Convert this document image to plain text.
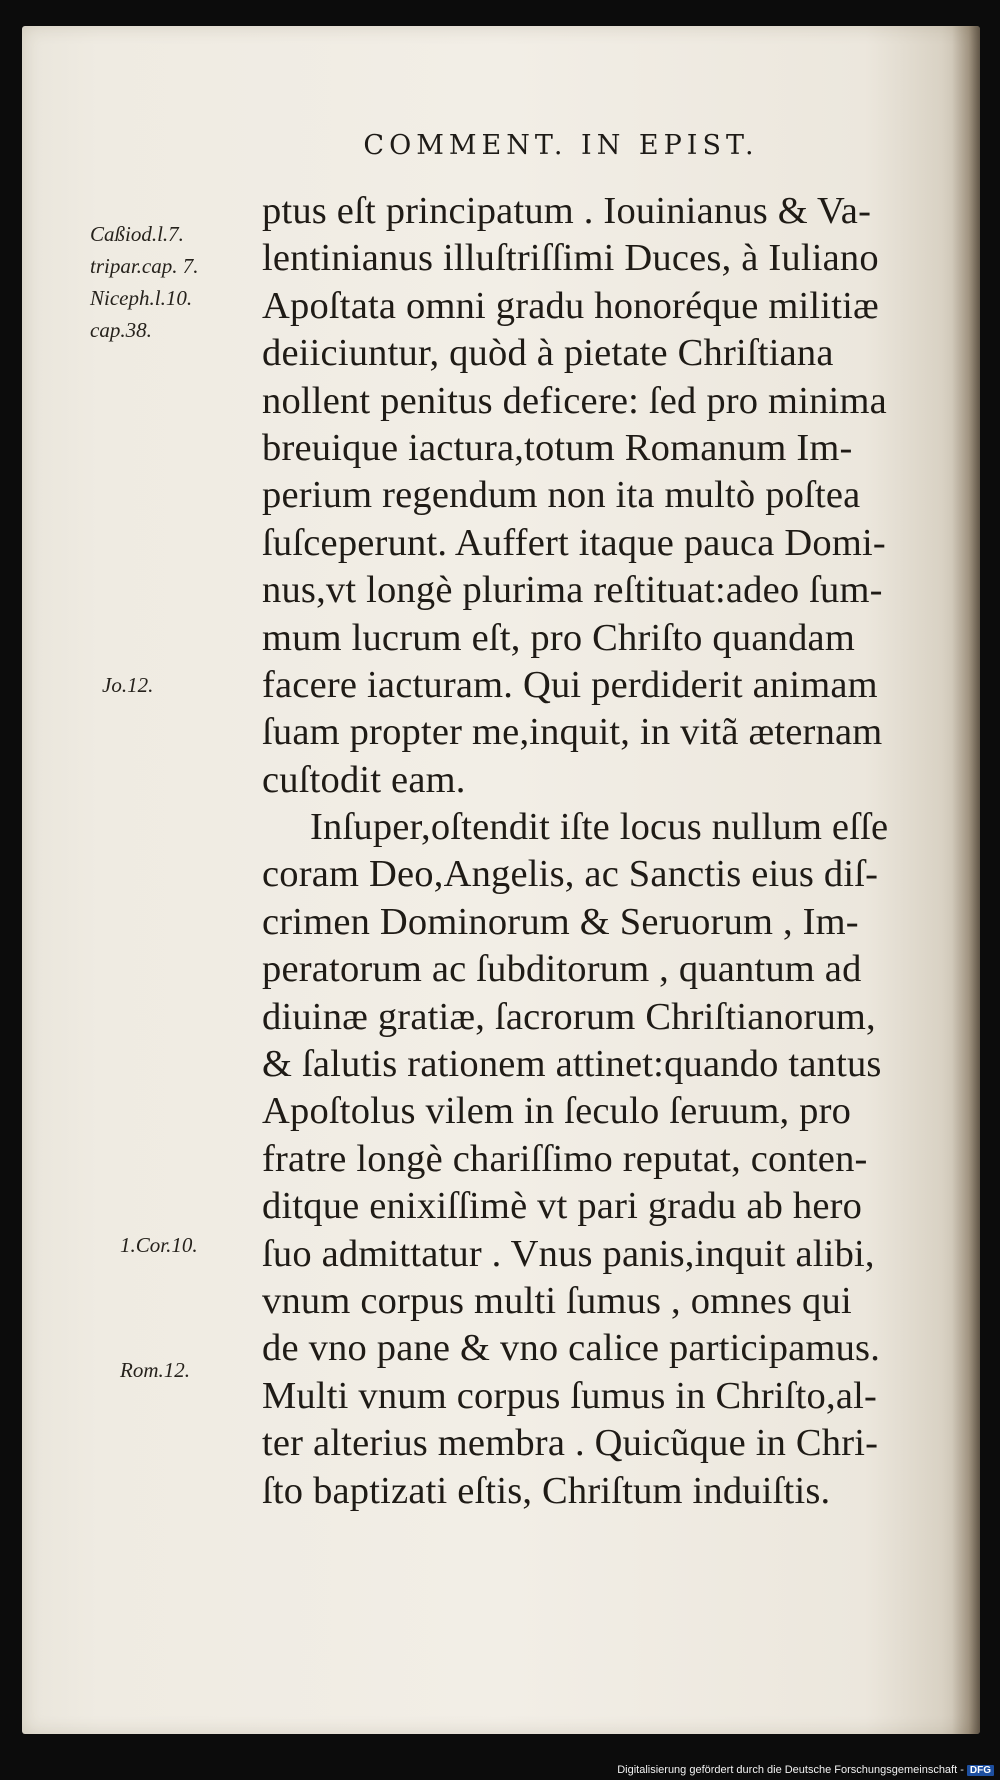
COMMENT. IN EPIST.
Caßiod.l.7.
tripar.cap. 7.
Niceph.l.10.
cap.38.
Jo.12.
1.Cor.10.
Rom.12.
ptus eſt principatum . Iouinianus & Va-
lentinianus illuſtriſſimi Duces, à Iuliano
Apoſtata omni gradu honoréque militiæ
deiiciuntur, quòd à pietate Chriſtiana
nollent penitus deficere: ſed pro minima
breuique iactura,totum Romanum Im-
perium regendum non ita multò poſtea
ſuſceperunt. Auffert itaque pauca Domi-
nus,vt longè plurima reſtituat:adeo ſum-
mum lucrum eſt, pro Chriſto quandam
facere iacturam. Qui perdiderit animam
ſuam propter me,inquit, in vitã æternam
cuſtodit eam.
Inſuper,oſtendit iſte locus nullum eſſe
coram Deo,Angelis, ac Sanctis eius diſ-
crimen Dominorum & Seruorum , Im-
peratorum ac ſubditorum , quantum ad
diuinæ gratiæ, ſacrorum Chriſtianorum,
& ſalutis rationem attinet:quando tantus
Apoſtolus vilem in ſeculo ſeruum, pro
fratre longè chariſſimo reputat, conten-
ditque enixiſſimè vt pari gradu ab hero
ſuo admittatur . Vnus panis,inquit alibi,
vnum corpus multi ſumus , omnes qui
de vno pane & vno calice participamus.
Multi vnum corpus ſumus in Chriſto,al-
ter alterius membra . Quicũque in Chri-
ſto baptizati eſtis, Chriſtum induiſtis.
Digitalisierung gefördert durch die Deutsche Forschungsgemeinschaft - DFG
